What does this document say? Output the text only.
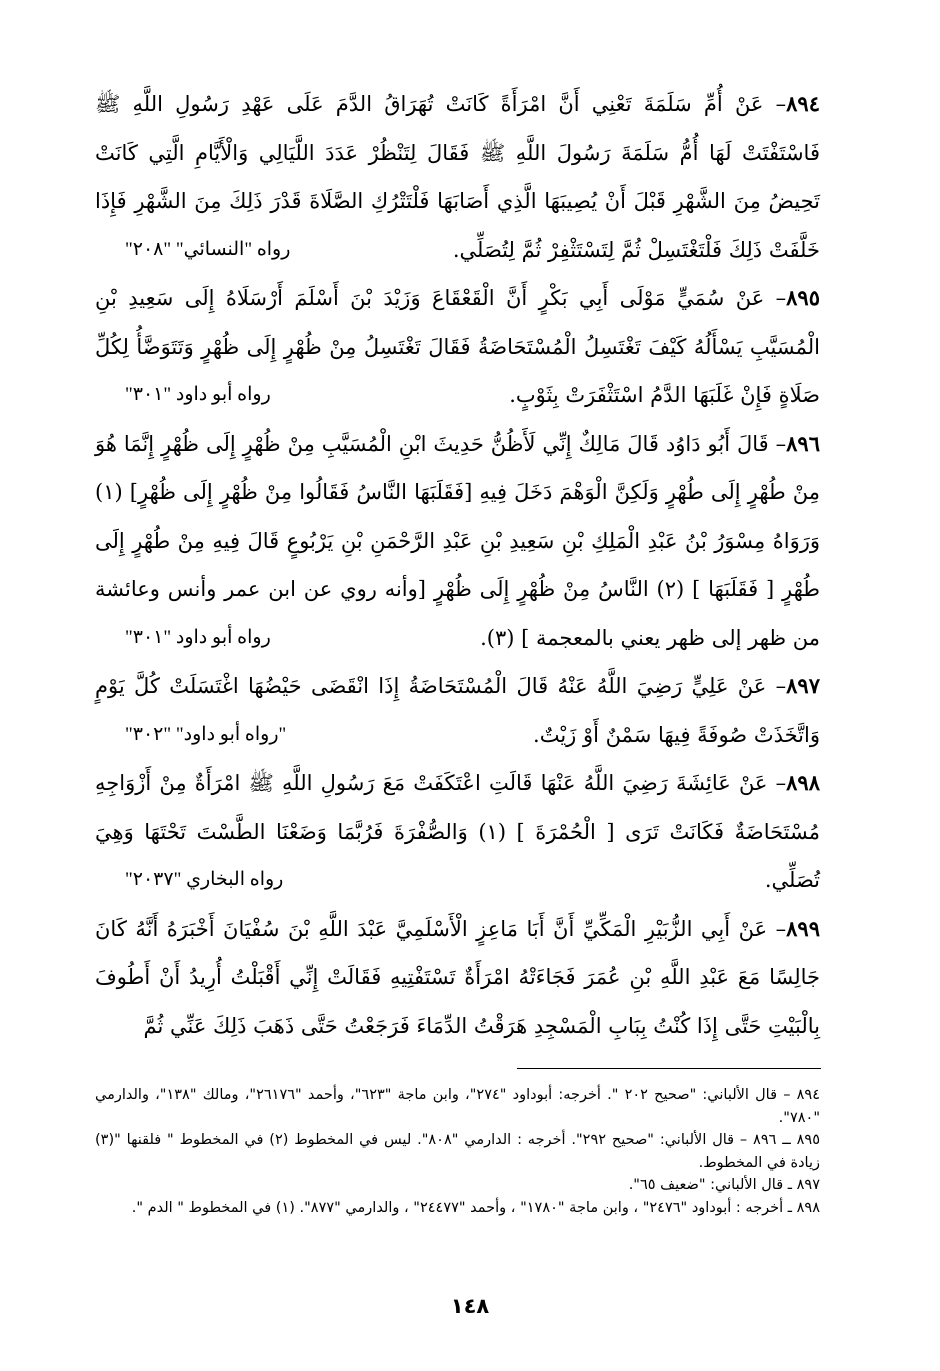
٨٩٤– عَنْ أُمِّ سَلَمَةَ تَعْنِي أَنَّ امْرَأَةً كَانَتْ تُهَرَاقُ الدَّمَ عَلَى عَهْدِ رَسُولِ اللَّهِ ﷺ فَاسْتَفْتَتْ لَهَا أُمُّ سَلَمَةَ رَسُولَ اللَّهِ ﷺ فَقَالَ لِتَنْظُرْ عَدَدَ اللَّيَالِي وَالْأَيَّامِ الَّتِي كَانَتْ تَحِيضُ مِنَ الشَّهْرِ قَبْلَ أَنْ يُصِيبَهَا الَّذِي أَصَابَهَا فَلْتَتْرُكِ الصَّلَاةَ قَدْرَ ذَلِكَ مِنَ الشَّهْرِ فَإِذَا خَلَّفَتْ ذَلِكَ فَلْتَغْتَسِلْ ثُمَّ لِتَسْتَثْفِرْ ثُمَّ لِتُصَلِّي.
رواه "النسائي" "٢٠٨"

٨٩٥– عَنْ سُمَيٍّ مَوْلَى أَبِي بَكْرٍ أَنَّ الْقَعْقَاعَ وَزَيْدَ بْنَ أَسْلَمَ أَرْسَلَاهُ إِلَى سَعِيدِ بْنِ الْمُسَيَّبِ يَسْأَلُهُ كَيْفَ تَغْتَسِلُ الْمُسْتَحَاضَةُ فَقَالَ تَغْتَسِلُ مِنْ ظُهْرٍ إِلَى ظُهْرٍ وَتَتَوَضَّأُ لِكُلِّ صَلَاةٍ فَإِنْ غَلَبَهَا الدَّمُ اسْتَثْفَرَتْ بِثَوْبٍ.
رواه أبو داود "٣٠١"

٨٩٦– قَالَ أَبُو دَاوُد قَالَ مَالِكٌ إِنِّي لَأَظُنُّ حَدِيثَ ابْنِ الْمُسَيَّبِ مِنْ ظُهْرٍ إِلَى ظُهْرٍ إِنَّمَا هُوَ مِنْ طُهْرٍ إِلَى طُهْرٍ وَلَكِنَّ الْوَهْمَ دَخَلَ فِيهِ [فَقَلَبَهَا النَّاسُ فَقَالُوا مِنْ ظُهْرٍ إِلَى ظُهْرٍ] (١) وَرَوَاهُ مِسْوَرُ بْنُ عَبْدِ الْمَلِكِ بْنِ سَعِيدِ بْنِ عَبْدِ الرَّحْمَنِ بْنِ يَرْبُوعٍ قَالَ فِيهِ مِنْ طُهْرٍ إِلَى طُهْرٍ [ فَقَلَبَهَا ] (٢) النَّاسُ مِنْ ظُهْرٍ إِلَى ظُهْرٍ [وأنه روي عن ابن عمر وأنس وعائشة من ظهر إلى ظهر يعني بالمعجمة ] (٣).
رواه أبو داود "٣٠١"

٨٩٧– عَنْ عَلِيٍّ رَضِيَ اللَّهُ عَنْهُ قَالَ الْمُسْتَحَاضَةُ إِذَا انْقَضَى حَيْضُهَا اغْتَسَلَتْ كُلَّ يَوْمٍ وَاتَّخَذَتْ صُوفَةً فِيهَا سَمْنٌ أَوْ زَيْتٌ.
"رواه أبو داود" "٣٠٢"

٨٩٨– عَنْ عَائِشَةَ رَضِيَ اللَّهُ عَنْهَا قَالَتِ اعْتَكَفَتْ مَعَ رَسُولِ اللَّهِ ﷺ امْرَأَةٌ مِنْ أَزْوَاجِهِ مُسْتَحَاضَةٌ فَكَانَتْ تَرَى [ الْحُمْرَةَ ] (١) وَالصُّفْرَةَ فَرُبَّمَا وَضَعْنَا الطَّسْتَ تَحْتَهَا وَهِيَ تُصَلِّي.
رواه البخاري "٢٠٣٧"

٨٩٩– عَنْ أَبِي الزُّبَيْرِ الْمَكِّيِّ أَنَّ أَبَا مَاعِزٍ الْأَسْلَمِيَّ عَبْدَ اللَّهِ بْنَ سُفْيَانَ أَخْبَرَهُ أَنَّهُ كَانَ جَالِسًا مَعَ عَبْدِ اللَّهِ بْنِ عُمَرَ فَجَاءَتْهُ امْرَأَةٌ تَسْتَفْتِيهِ فَقَالَتْ إِنِّي أَقْبَلْتُ أُرِيدُ أَنْ أَطُوفَ بِالْبَيْتِ حَتَّى إِذَا كُنْتُ بِبَابِ الْمَسْجِدِ هَرَقْتُ الدِّمَاءَ فَرَجَعْتُ حَتَّى ذَهَبَ ذَلِكَ عَنِّي ثُمَّ

٨٩٤ – قال الألباني: "صحيح ٢٠٢ ". أخرجه: أبوداود "٢٧٤"، وابن ماجة "٦٢٣"، وأحمد "٢٦١٧٦"، ومالك "١٣٨"، والدارمي "٧٨٠".

٨٩٥ ــ ٨٩٦ – قال الألباني: "صحيح ٢٩٢". أخرجه : الدارمي "٨٠٨". ليس في المخطوط (٢) في المخطوط " فلقنها "(٣) زيادة في المخطوط.

٨٩٧ ـ قال الألباني: "ضعيف ٦٥".

٨٩٨ ـ أخرجه : أبوداود "٢٤٧٦" ، وابن ماجة "١٧٨٠" ، وأحمد "٢٤٤٧٧" ، والدارمي "٨٧٧". (١) في المخطوط " الدم ".

١٤٨
